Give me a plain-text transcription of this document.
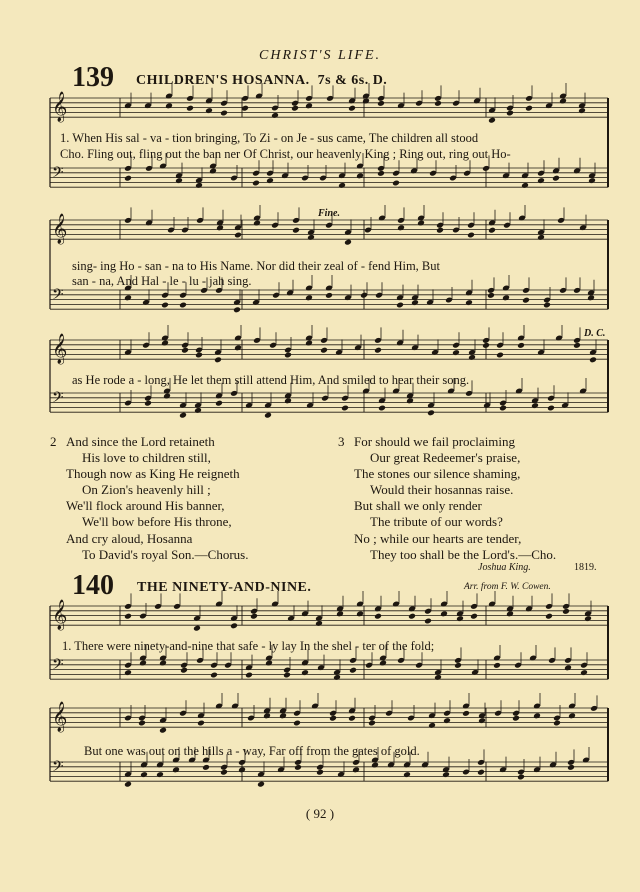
𝄞
𝄢
𝄞
𝄢
𝄞
𝄢
𝄞
𝄢
𝄞
𝄢
CHRIST'S LIFE.
139 CHILDREN'S HOSANNA. 7s & 6s. D.
1. When His sal - va - tion bringing, To Zi - on Je - sus came, The children all stood
Cho. Fling out, fling out the ban ner Of Christ, our heavenly King ; Ring out, ring out Ho-
Fine.
sing- ing Ho - san - na to His Name. Nor did their zeal of - fend Him, But
san - na, And Hal - le - lu - jah sing.
D. C.
as He rode a - long, He let them still attend Him, And smiled to hear their song.
2 And since the Lord retaineth
His love to children still,
Though now as King He reigneth
On Zion's heavenly hill ;
We'll flock around His banner,
We'll bow before His throne,
And cry aloud, Hosanna
To David's royal Son.—Chorus.
3 For should we fail proclaiming
Our great Redeemer's praise,
The stones our silence shaming,
Would their hosannas raise.
But shall we only render
The tribute of our words?
No ; while our hearts are tender,
They too shall be the Lord's.—Cho.
Joshua King.	1819.
140 THE NINETY-AND-NINE.	Arr. from F. W. Cowen.
1. There were ninety-and-nine that safe - ly lay In the shel - ter of the fold;
But one was out on the hills a - way, Far off from the gates of gold.
( 92 )
